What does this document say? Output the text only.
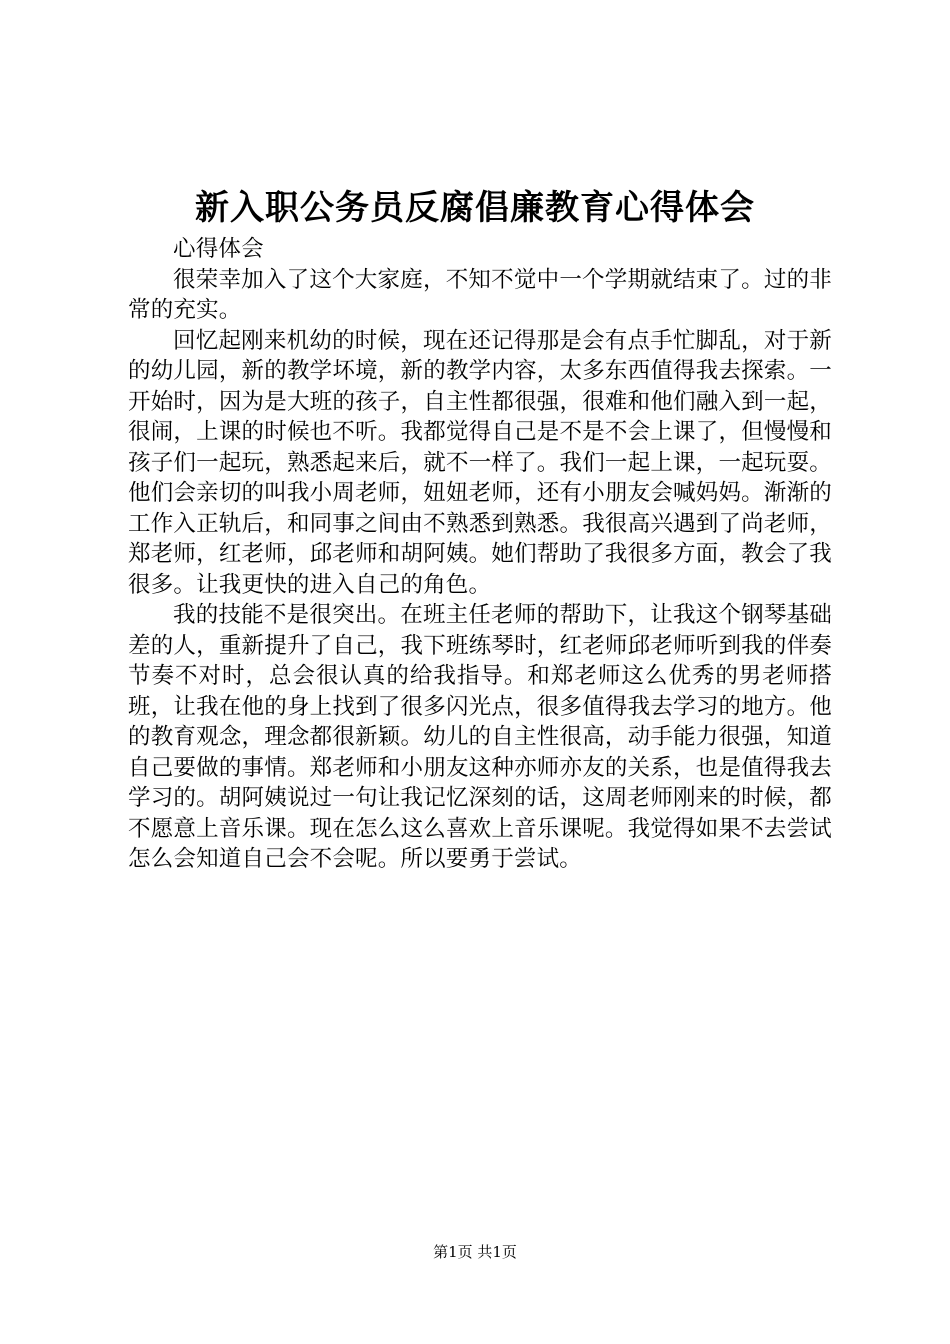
新入职公务员反腐倡廉教育心得体会

心得体会

很荣幸加入了这个大家庭，不知不觉中一个学期就结束了。过的非常的充实。

回忆起刚来机幼的时候，现在还记得那是会有点手忙脚乱，对于新的幼儿园，新的教学坏境，新的教学内容，太多东西值得我去探索。一开始时，因为是大班的孩子，自主性都很强，很难和他们融入到一起，很闹，上课的时候也不听。我都觉得自己是不是不会上课了，但慢慢和孩子们一起玩，熟悉起来后，就不一样了。我们一起上课，一起玩耍。他们会亲切的叫我小周老师，妞妞老师，还有小朋友会喊妈妈。渐渐的工作入正轨后，和同事之间由不熟悉到熟悉。我很高兴遇到了尚老师，郑老师，红老师，邱老师和胡阿姨。她们帮助了我很多方面，教会了我很多。让我更快的进入自己的角色。

我的技能不是很突出。在班主任老师的帮助下，让我这个钢琴基础差的人，重新提升了自己，我下班练琴时，红老师邱老师听到我的伴奏节奏不对时，总会很认真的给我指导。和郑老师这么优秀的男老师搭班，让我在他的身上找到了很多闪光点，很多值得我去学习的地方。他的教育观念，理念都很新颖。幼儿的自主性很高，动手能力很强，知道自己要做的事情。郑老师和小朋友这种亦师亦友的关系，也是值得我去学习的。胡阿姨说过一句让我记忆深刻的话，这周老师刚来的时候，都不愿意上音乐课。现在怎么这么喜欢上音乐课呢。我觉得如果不去尝试怎么会知道自己会不会呢。所以要勇于尝试。

第1页 共1页
